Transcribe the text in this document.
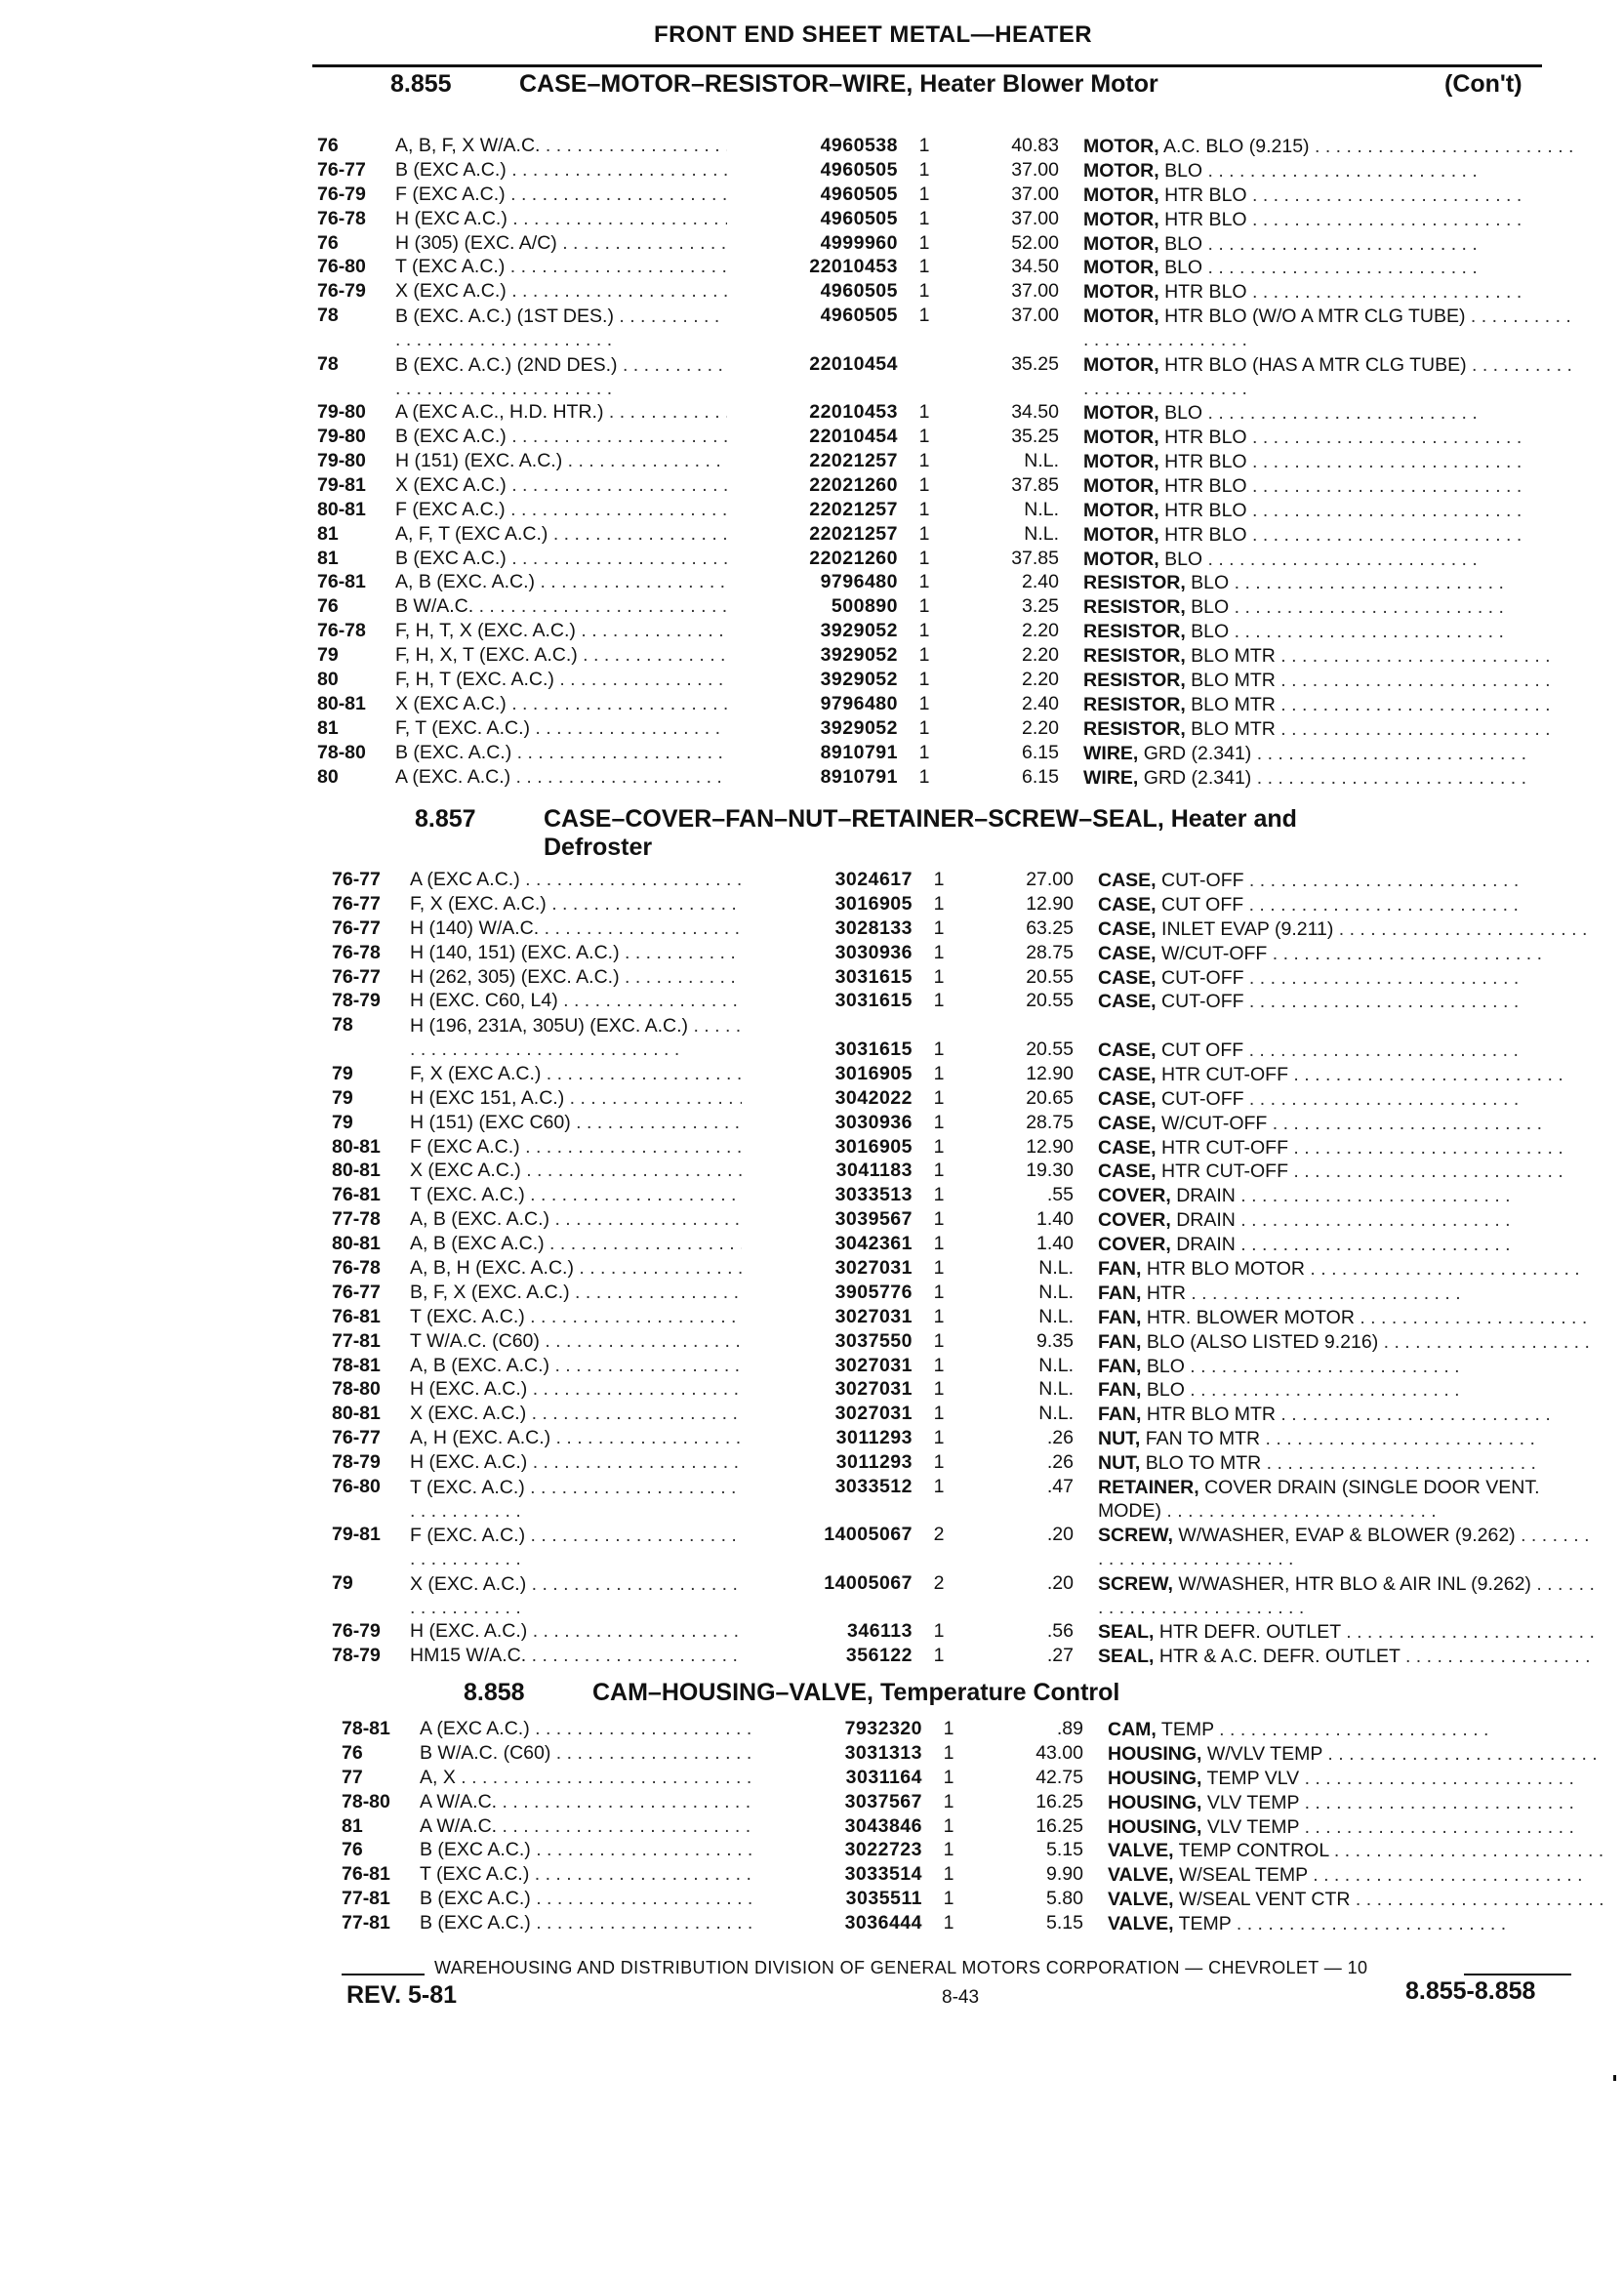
FRONT END SHEET METAL—HEATER
8.855	CASE–MOTOR–RESISTOR–WIRE, Heater Blower Motor	(Con't)
76	A, B, F, X W/A.C. . . .	4960538 1	40.83 MOTOR, A.C. BLO (9.215) . . .
76-77	B (EXC A.C.) . . .	4960505 1	37.00 MOTOR, BLO . . .
76-79	F (EXC A.C.) . . .	4960505 1	37.00 MOTOR, HTR BLO . . .
76-78	H (EXC A.C.) . . .	4960505 1	37.00 MOTOR, HTR BLO . . .
76	H (305) (EXC. A/C) . . .	4999960 1	52.00 MOTOR, BLO . . .
76-80	T (EXC A.C.) . . .	22010453 1	34.50 MOTOR, BLO . . .
76-79	X (EXC A.C.) . . .	4960505 1	37.00 MOTOR, HTR BLO . . .
78	B (EXC. A.C.) (1ST DES.) . . .	4960505 1	37.00 MOTOR, HTR BLO (W/O A MTR CLG TUBE) . . .
78	B (EXC. A.C.) (2ND DES.) . . .	22010454	35.25 MOTOR, HTR BLO (HAS A MTR CLG TUBE) . . .
79-80	A (EXC A.C., H.D. HTR.) . . .	22010453 1	34.50 MOTOR, BLO . . .
79-80	B (EXC A.C.) . . .	22010454 1	35.25 MOTOR, HTR BLO . . .
79-80	H (151) (EXC. A.C.) . . .	22021257 1	N.L. MOTOR, HTR BLO . . .
79-81	X (EXC A.C.) . . .	22021260 1	37.85 MOTOR, HTR BLO . . .
80-81	F (EXC A.C.) . . .	22021257 1	N.L. MOTOR, HTR BLO . . .
81	A, F, T (EXC A.C.) . . .	22021257 1	N.L. MOTOR, HTR BLO . . .
81	B (EXC A.C.) . . .	22021260 1	37.85 MOTOR, BLO . . .
76-81	A, B (EXC. A.C.) . . .	9796480 1	2.40 RESISTOR, BLO . . .
76	B W/A.C. . . .	500890 1	3.25 RESISTOR, BLO . . .
76-78	F, H, T, X (EXC. A.C.) . . .	3929052 1	2.20 RESISTOR, BLO . . .
79	F, H, X, T (EXC. A.C.) . . .	3929052 1	2.20 RESISTOR, BLO MTR . . .
80	F, H, T (EXC. A.C.) . . .	3929052 1	2.20 RESISTOR, BLO MTR . . .
80-81	X (EXC A.C.) . . .	9796480 1	2.40 RESISTOR, BLO MTR . . .
81	F, T (EXC. A.C.) . . .	3929052 1	2.20 RESISTOR, BLO MTR . . .
78-80	B (EXC. A.C.) . . .	8910791 1	6.15 WIRE, GRD (2.341) . . .
80	A (EXC. A.C.) . . .	8910791 1	6.15 WIRE, GRD (2.341) . . .
8.857	CASE–COVER–FAN–NUT–RETAINER–SCREW–SEAL, Heater and
Defroster
76-77	A (EXC A.C.) . . .	3024617 1	27.00 CASE, CUT-OFF . . .
76-77	F, X (EXC. A.C.) . . .	3016905 1	12.90 CASE, CUT OFF . . .
76-77	H (140) W/A.C. . . .	3028133 1	63.25 CASE, INLET EVAP (9.211) . . .
76-78	H (140, 151) (EXC. A.C.) . . .	3030936 1	28.75 CASE, W/CUT-OFF . . .
76-77	H (262, 305) (EXC. A.C.) . . .	3031615 1	20.55 CASE, CUT-OFF . . .
78-79	H (EXC. C60, L4) . . .	3031615 1	20.55 CASE, CUT-OFF . . .
78	H (196, 231A, 305U) (EXC. A.C.) . . .
3031615 1	20.55 CASE, CUT OFF . . .
79	F, X (EXC A.C.) . . .	3016905 1	12.90 CASE, HTR CUT-OFF . . .
79	H (EXC 151, A.C.) . . .	3042022 1	20.65 CASE, CUT-OFF . . .
79	H (151) (EXC C60) . . .	3030936 1	28.75 CASE, W/CUT-OFF . . .
80-81	F (EXC A.C.) . . .	3016905 1	12.90 CASE, HTR CUT-OFF . . .
80-81	X (EXC A.C.) . . .	3041183 1	19.30 CASE, HTR CUT-OFF . . .
76-81	T (EXC. A.C.) . . .	3033513 1	.55 COVER, DRAIN . . .
77-78	A, B (EXC. A.C.) . . .	3039567 1	1.40 COVER, DRAIN . . .
80-81	A, B (EXC A.C.) . . .	3042361 1	1.40 COVER, DRAIN . . .
76-78	A, B, H (EXC. A.C.) . . .	3027031 1	N.L. FAN, HTR BLO MOTOR . . .
76-77	B, F, X (EXC. A.C.) . . .	3905776 1	N.L. FAN, HTR . . .
76-81	T (EXC. A.C.) . . .	3027031 1	N.L. FAN, HTR. BLOWER MOTOR . . .
77-81	T W/A.C. (C60) . . .	3037550 1	9.35 FAN, BLO (ALSO LISTED 9.216) . . .
78-81	A, B (EXC. A.C.) . . .	3027031 1	N.L. FAN, BLO . . .
78-80	H (EXC. A.C.) . . .	3027031 1	N.L. FAN, BLO . . .
80-81	X (EXC. A.C.) . . .	3027031 1	N.L. FAN, HTR BLO MTR . . .
76-77	A, H (EXC. A.C.) . . .	3011293 1	.26 NUT, FAN TO MTR . . .
78-79	H (EXC. A.C.) . . .	3011293 1	.26 NUT, BLO TO MTR . . .
76-80	T (EXC. A.C.) . . .	3033512 1	.47 RETAINER, COVER DRAIN (SINGLE DOOR VENT. MODE) . . .
79-81	F (EXC. A.C.) . . .	14005067 2	.20 SCREW, W/WASHER, EVAP & BLOWER (9.262) . . .
79	X (EXC. A.C.) . . .	14005067 2	.20 SCREW, W/WASHER, HTR BLO & AIR INL (9.262) . . .
76-79	H (EXC. A.C.) . . .	346113 1	.56 SEAL, HTR DEFR. OUTLET . . .
78-79	HM15 W/A.C. . . .	356122 1	.27 SEAL, HTR & A.C. DEFR. OUTLET . . .
8.858	CAM–HOUSING–VALVE, Temperature Control
78-81	A (EXC A.C.) . . .	7932320 1	.89 CAM, TEMP . . .
76	B W/A.C. (C60) . . .	3031313 1	43.00 HOUSING, W/VLV TEMP . . .
77	A, X . . .	3031164 1	42.75 HOUSING, TEMP VLV . . .
78-80	A W/A.C. . . .	3037567 1	16.25 HOUSING, VLV TEMP . . .
81	A W/A.C. . . .	3043846 1	16.25 HOUSING, VLV TEMP . . .
76	B (EXC A.C.) . . .	3022723 1	5.15 VALVE, TEMP CONTROL . . .
76-81	T (EXC A.C.) . . .	3033514 1	9.90 VALVE, W/SEAL TEMP . . .
77-81	B (EXC A.C.) . . .	3035511 1	5.80 VALVE, W/SEAL VENT CTR . . .
77-81	B (EXC A.C.) . . .	3036444 1	5.15 VALVE, TEMP . . .
WAREHOUSING AND DISTRIBUTION DIVISION OF GENERAL MOTORS CORPORATION — CHEVROLET — 10
REV. 5-81	8-43	8.855-8.858
